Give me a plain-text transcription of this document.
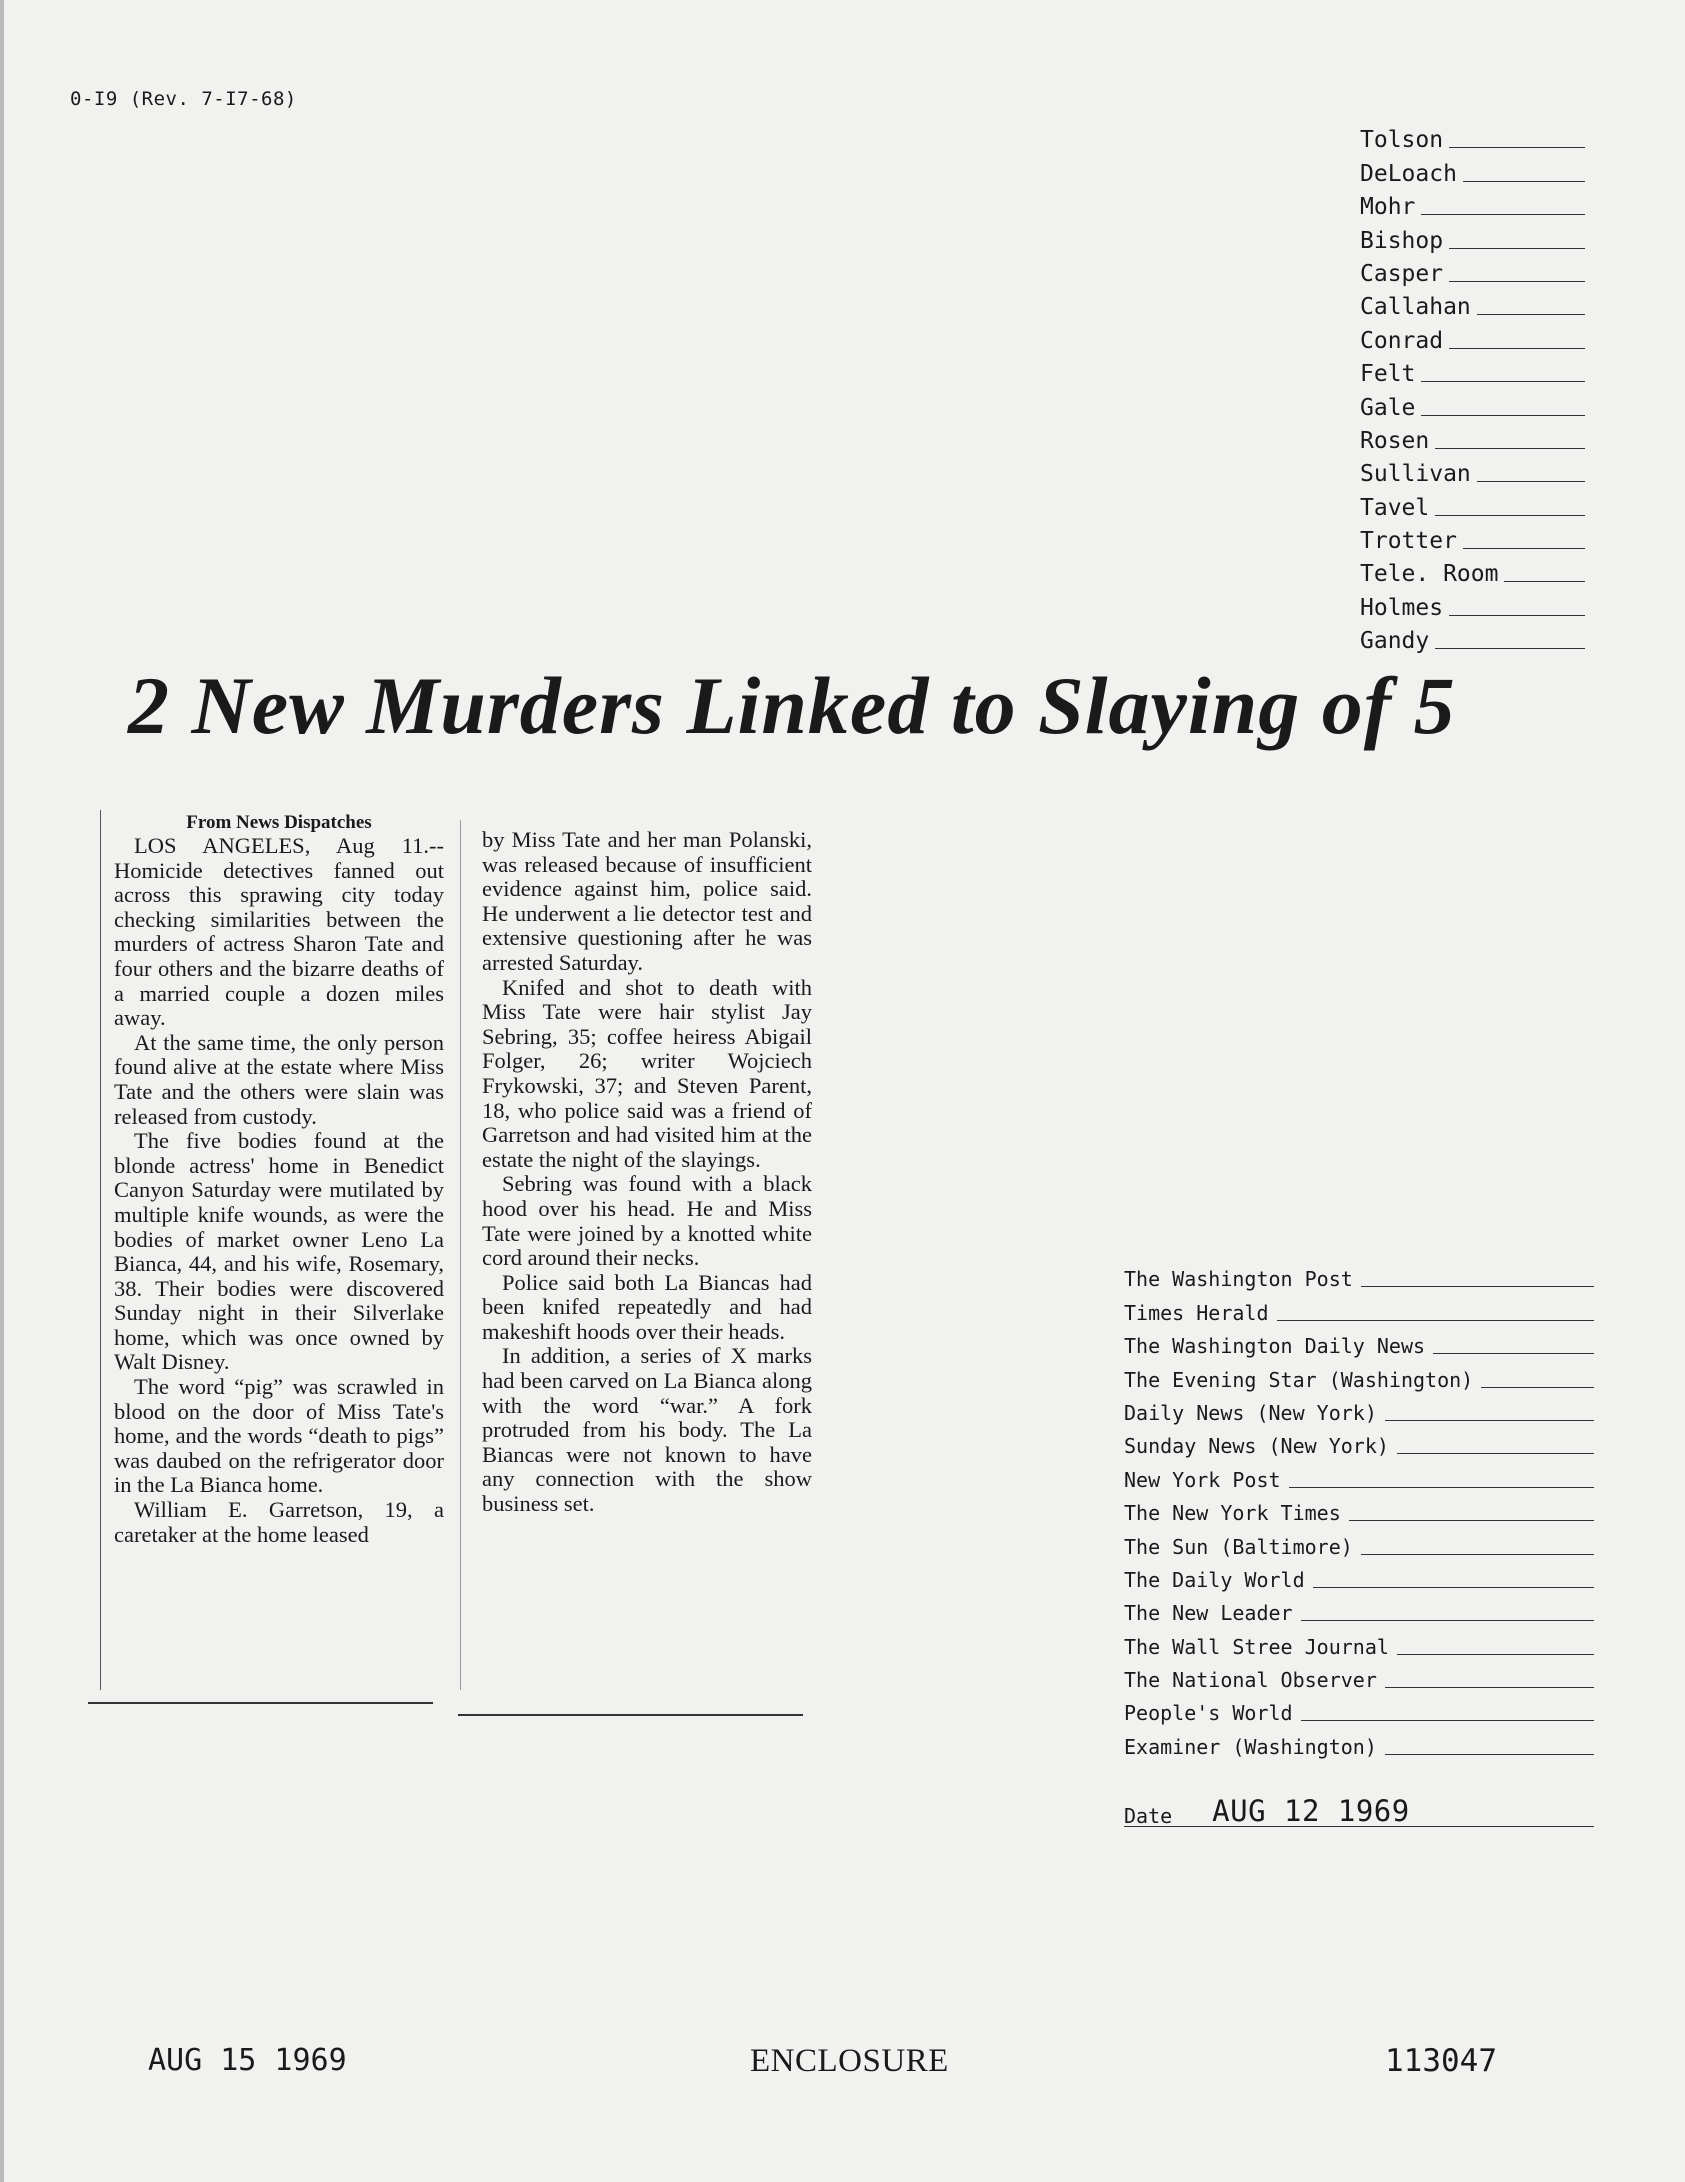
0-I9 (Rev. 7-I7-68)
Tolson
DeLoach
Mohr
Bishop
Casper
Callahan
Conrad
Felt
Gale
Rosen
Sullivan
Tavel
Trotter
Tele. Room
Holmes
Gandy
2 New Murders Linked to Slaying of 5

From News Dispatches

LOS ANGELES, Aug 11.-- Homicide detectives fanned out across this sprawing city today checking similarities between the murders of actress Sharon Tate and four others and the bizarre deaths of a married couple a dozen miles away.

At the same time, the only person found alive at the estate where Miss Tate and the others were slain was released from custody.

The five bodies found at the blonde actress' home in Benedict Canyon Saturday were mutilated by multiple knife wounds, as were the bodies of market owner Leno La Bianca, 44, and his wife, Rosemary, 38. Their bodies were discovered Sunday night in their Silverlake home, which was once owned by Walt Disney.

The word “pig” was scrawled in blood on the door of Miss Tate's home, and the words “death to pigs” was daubed on the refrigerator door in the La Bianca home.

William E. Garretson, 19, a caretaker at the home leased

by Miss Tate and her man Polanski, was released because of insufficient evidence against him, police said. He underwent a lie detector test and extensive questioning after he was arrested Saturday.

Knifed and shot to death with Miss Tate were hair stylist Jay Sebring, 35; coffee heiress Abigail Folger, 26; writer Wojciech Frykowski, 37; and Steven Parent, 18, who police said was a friend of Garretson and had visited him at the estate the night of the slayings.

Sebring was found with a black hood over his head. He and Miss Tate were joined by a knotted white cord around their necks.

Police said both La Biancas had been knifed repeatedly and had makeshift hoods over their heads.

In addition, a series of X marks had been carved on La Bianca along with the word “war.” A fork protruded from his body. The La Biancas were not known to have any connection with the show business set.

The Washington Post
Times Herald
The Washington Daily News
The Evening Star (Washington)
Daily News (New York)
Sunday News (New York)
New York Post
The New York Times
The Sun (Baltimore)
The Daily World
The New Leader
The Wall Stree Journal
The National Observer
People's World
Examiner (Washington)
Date	AUG 12 1969
AUG 15 1969	ENCLOSURE	113047
